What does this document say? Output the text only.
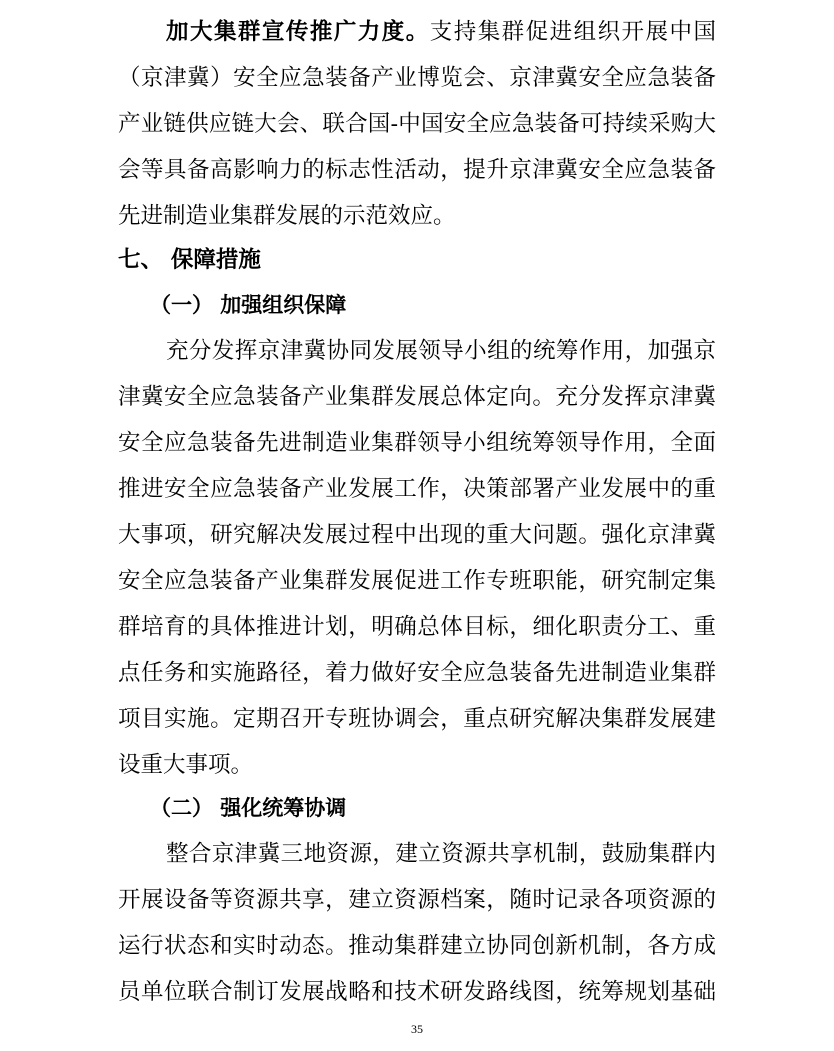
加大集群宣传推广力度。支持集群促进组织开展中国
（京津冀）安全应急装备产业博览会、京津冀安全应急装备
产业链供应链大会、联合国-中国安全应急装备可持续采购大
会等具备高影响力的标志性活动，提升京津冀安全应急装备
先进制造业集群发展的示范效应。
七、 保障措施
（一） 加强组织保障
充分发挥京津冀协同发展领导小组的统筹作用，加强京
津冀安全应急装备产业集群发展总体定向。充分发挥京津冀
安全应急装备先进制造业集群领导小组统筹领导作用，全面
推进安全应急装备产业发展工作，决策部署产业发展中的重
大事项，研究解决发展过程中出现的重大问题。强化京津冀
安全应急装备产业集群发展促进工作专班职能，研究制定集
群培育的具体推进计划，明确总体目标，细化职责分工、重
点任务和实施路径，着力做好安全应急装备先进制造业集群
项目实施。定期召开专班协调会，重点研究解决集群发展建
设重大事项。
（二） 强化统筹协调
整合京津冀三地资源，建立资源共享机制，鼓励集群内
开展设备等资源共享，建立资源档案，随时记录各项资源的
运行状态和实时动态。推动集群建立协同创新机制，各方成
员单位联合制订发展战略和技术研发路线图，统筹规划基础
35
